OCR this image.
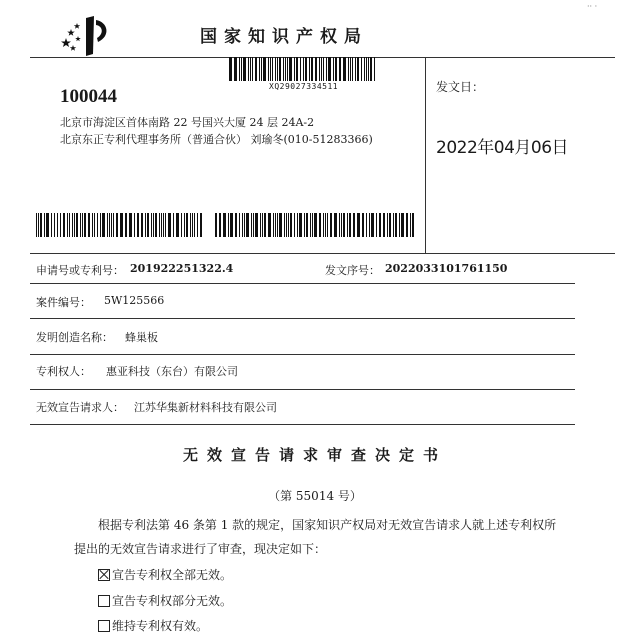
国家知识产权局
·· ·
XQ29027334511
100044
北京市海淀区首体南路 22 号国兴大厦 24 层 24A-2
北京东正专利代理事务所（普通合伙） 刘瑜冬(010-51283366)
发文日：
2022年04月06日
申请号或专利号： 201922251322.4	发文序号： 2022033101761150
案件编号： 5W125566
发明创造名称： 蜂巢板
专利权人： 惠亚科技（东台）有限公司
无效宣告请求人： 江苏华集新材料科技有限公司
无效宣告请求审查决定书
（第 55014 号）
根据专利法第 46 条第 1 款的规定，国家知识产权局对无效宣告请求人就上述专利权所
提出的无效宣告请求进行了审查，现决定如下：
宣告专利权全部无效。
宣告专利权部分无效。
维持专利权有效。
